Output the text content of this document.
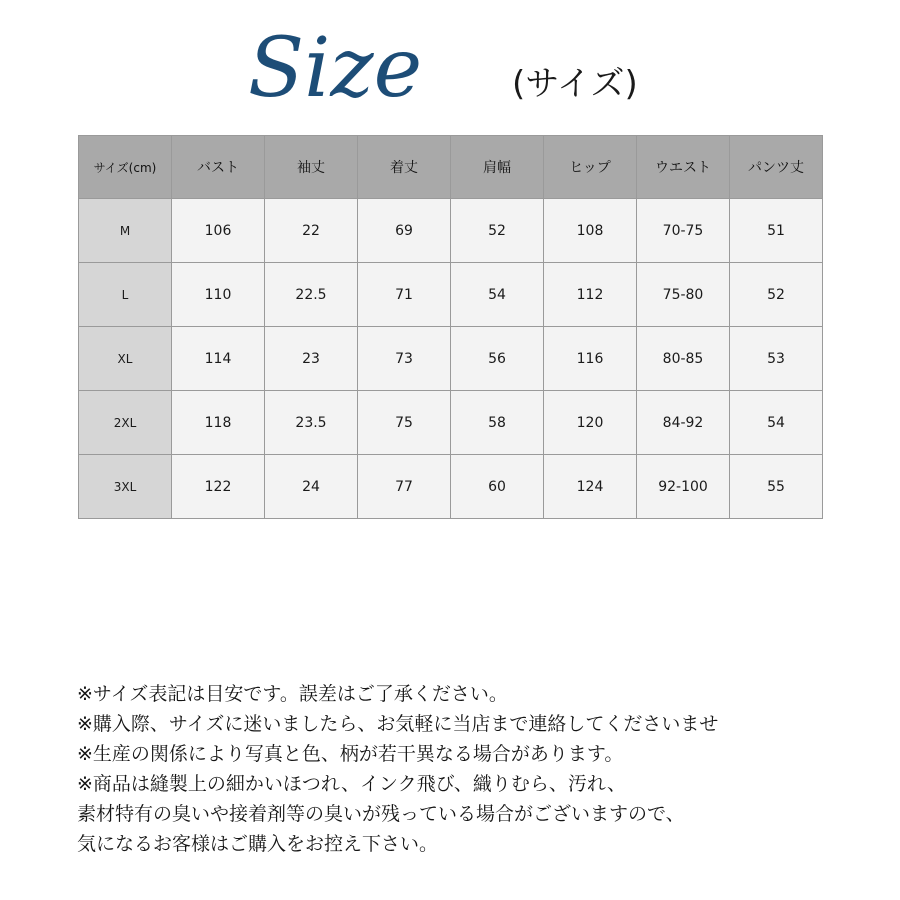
Size	(サイズ)
サイズ(cm)	バスト	袖丈	着丈	肩幅	ヒップ	ウエスト	パンツ丈
M	106	22	69	52	108	70-75	51
L	110	22.5	71	54	112	75-80	52
XL	114	23	73	56	116	80-85	53
2XL	118	23.5	75	58	120	84-92	54
3XL	122	24	77	60	124	92-100	55
※サイズ表記は目安です。誤差はご了承ください。
※購入際、サイズに迷いましたら、お気軽に当店まで連絡してくださいませ
※生産の関係により写真と色、柄が若干異なる場合があります。
※商品は縫製上の細かいほつれ、インク飛び、織りむら、汚れ、
素材特有の臭いや接着剤等の臭いが残っている場合がございますので、
気になるお客様はご購入をお控え下さい。
